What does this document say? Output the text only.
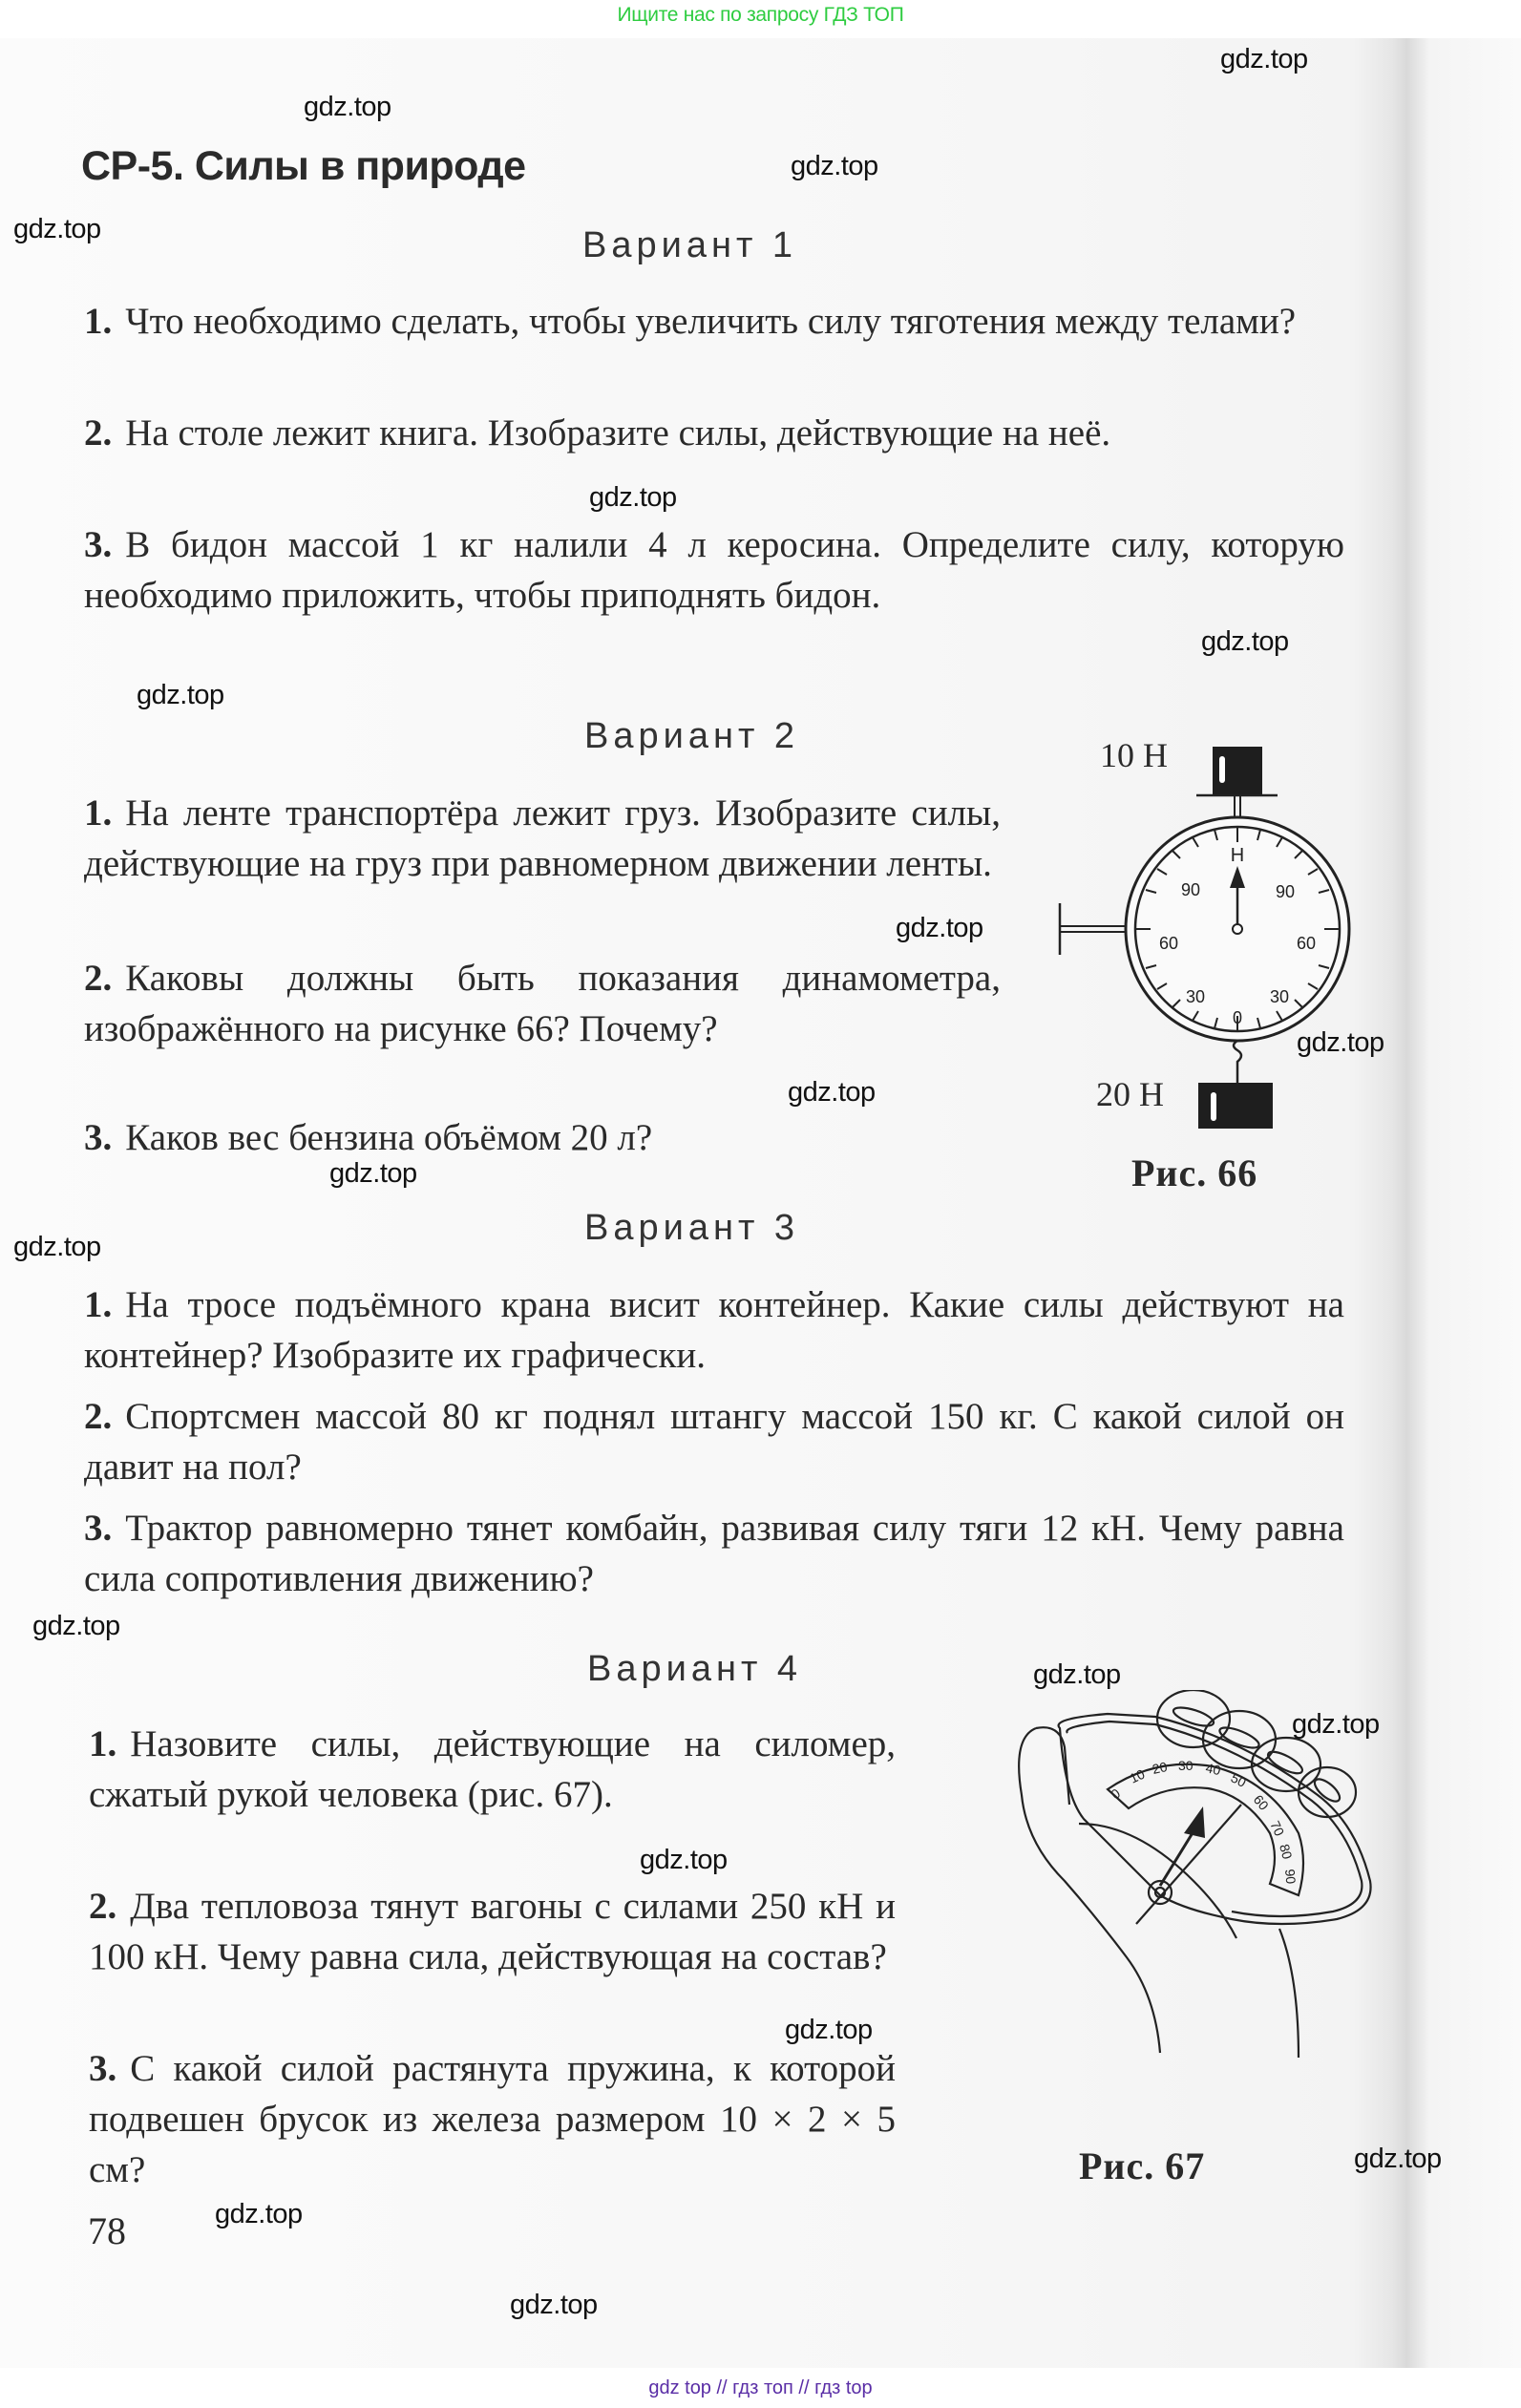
Ищите нас по запросу ГДЗ ТОП
СР-5. Силы в природе
Вариант 1
1. Что необходимо сделать, чтобы увеличить силу тяготения между телами?
2. На столе лежит книга. Изобразите силы, действующие на неё.
3. В бидон массой 1 кг налили 4 л керосина. Определите силу, которую необходимо приложить, чтобы приподнять бидон.
Вариант 2
1. На ленте транспортёра лежит груз. Изобразите силы, действующие на груз при равномерном движении ленты.
2. Каковы должны быть показания динамометра, изображённого на рисунке 66? Почему?
3. Каков вес бензина объёмом 20 л?
Н
90	90
60	60
30	30
0
10 Н
20 Н
Рис. 66
Вариант 3
1. На тросе подъёмного крана висит контейнер. Какие силы действуют на контейнер? Изобразите их графически.
2. Спортсмен массой 80 кг поднял штангу массой 150 кг. С какой силой он давит на пол?
3. Трактор равномерно тянет комбайн, развивая силу тяги 12 кН. Чему равна сила сопротивления движению?
Вариант 4
1. Назовите силы, действующие на силомер, сжатый рукой человека (рис. 67).
2. Два тепловоза тянут вагоны с силами 250 кН и 100 кН. Чему равна сила, действующая на состав?
3. С какой силой растянута пружина, к которой подвешен брусок из железа размером 10 × 2 × 5 см?
0
10 20 30 40
50
60
70
80
90
Рис. 67
78
gdz.top
gdz.top
gdz.top
gdz.top
gdz.top
gdz.top
gdz.top
gdz.top
gdz.top
gdz.top
gdz.top
gdz.top
gdz.top
gdz.top
gdz.top
gdz.top
gdz.top
gdz.top
gdz.top
gdz.top
gdz top // гдз топ // гдз top
